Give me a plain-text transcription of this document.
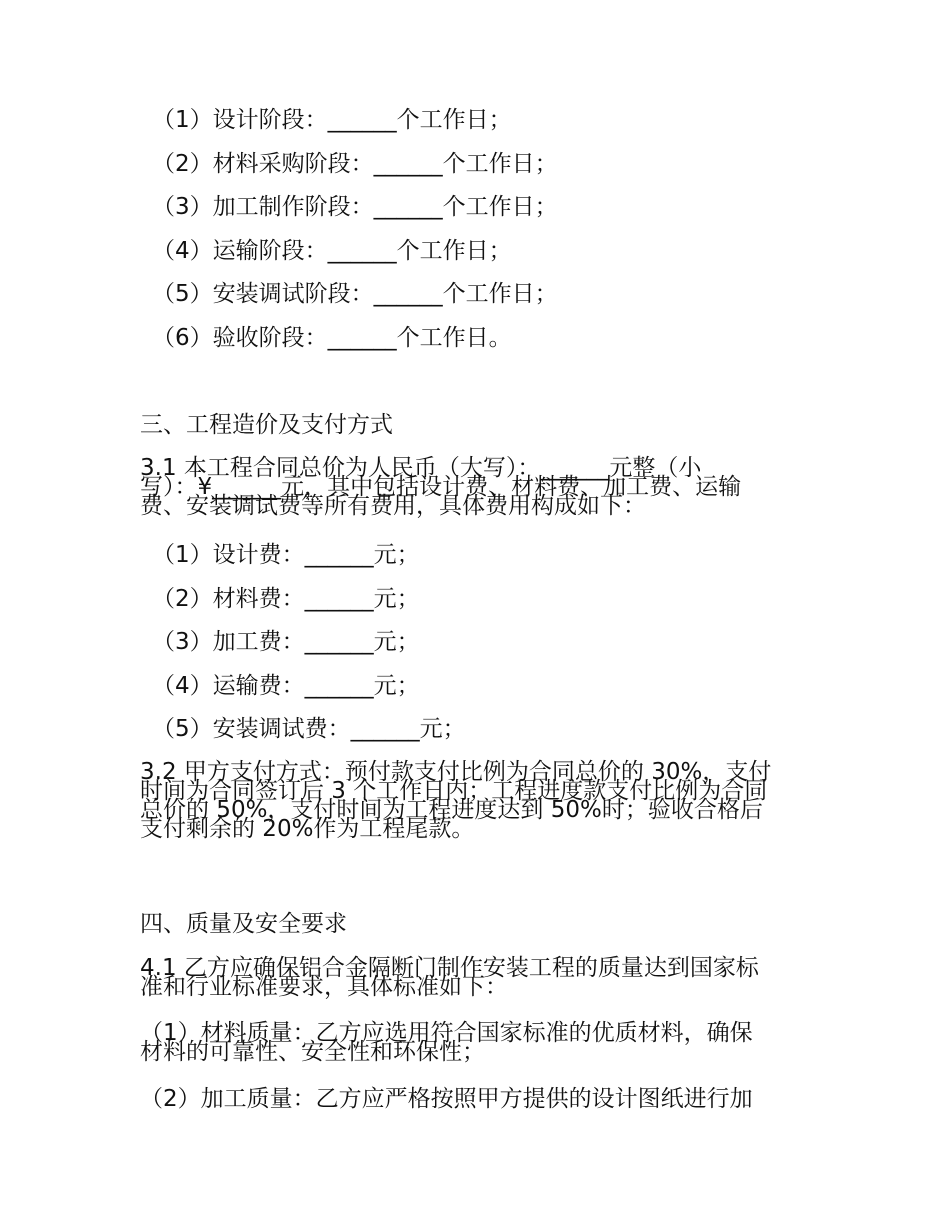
（1）设计阶段：______个工作日；
（2）材料采购阶段：______个工作日；
（3）加工制作阶段：______个工作日；
（4）运输阶段：______个工作日；
（5）安装调试阶段：______个工作日；
（6）验收阶段：______个工作日。
三、工程造价及支付方式
3.1 本工程合同总价为人民币（大写）：______元整（小
写）：¥______元，其中包括设计费、材料费、加工费、运输
费、安装调试费等所有费用，具体费用构成如下：
（1）设计费：______元；
（2）材料费：______元；
（3）加工费：______元；
（4）运输费：______元；
（5）安装调试费：______元；
3.2 甲方支付方式：预付款支付比例为合同总价的 30%，支付
时间为合同签订后 3 个工作日内；工程进度款支付比例为合同
总价的 50%，支付时间为工程进度达到 50%时；验收合格后
支付剩余的 20%作为工程尾款。
四、质量及安全要求
4.1 乙方应确保铝合金隔断门制作安装工程的质量达到国家标
准和行业标准要求，具体标准如下：
（1）材料质量：乙方应选用符合国家标准的优质材料，确保
材料的可靠性、安全性和环保性；
（2）加工质量：乙方应严格按照甲方提供的设计图纸进行加
